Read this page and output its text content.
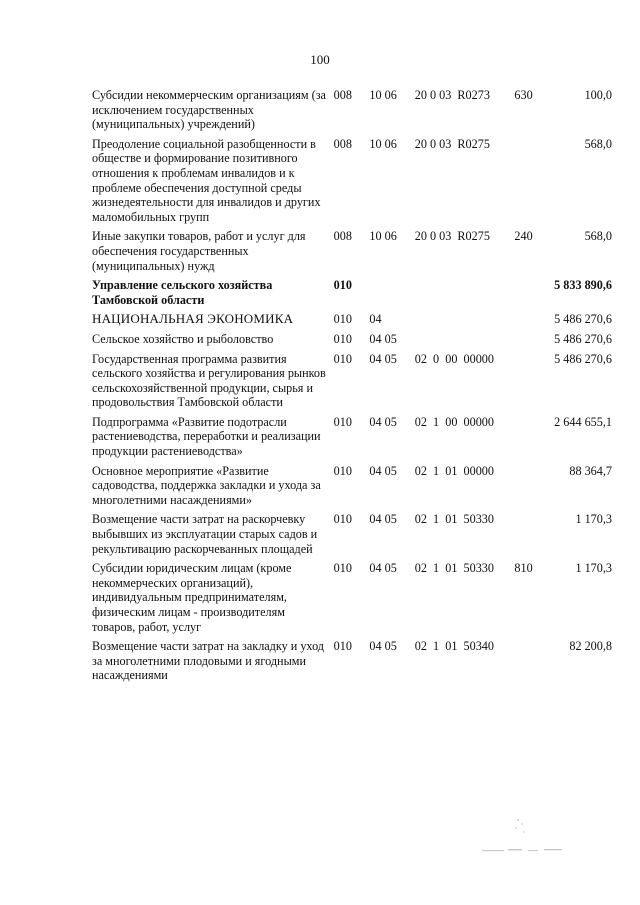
100
Субсидии некоммерческим организациям (за исключением государственных (муниципальных) учреждений)	008	10 06	20 0 03  R0273	630	100,0
Преодоление социальной разобщенности в обществе и формирование позитивного отношения к проблемам инвалидов и к проблеме обеспечения доступной среды жизнедеятельности для инвалидов и других маломобильных групп	008	10 06	20 0 03  R0275		568,0
Иные закупки товаров, работ и услуг для обеспечения государственных (муниципальных) нужд	008	10 06	20 0 03  R0275	240	568,0
Управление сельского хозяйства Тамбовской области	010				5 833 890,6
НАЦИОНАЛЬНАЯ ЭКОНОМИКА	010	04			5 486 270,6
Сельское хозяйство и рыболовство	010	04 05			5 486 270,6
Государственная программа развития сельского хозяйства и регулирования рынков сельскохозяйственной продукции, сырья и продовольствия Тамбовской области	010	04 05	02  0  00  00000		5 486 270,6
Подпрограмма «Развитие подотрасли растениеводства, переработки и реализации продукции растениеводства»	010	04 05	02  1  00  00000		2 644 655,1
Основное мероприятие «Развитие садоводства, поддержка закладки и ухода за многолетними насаждениями»	010	04 05	02  1  01  00000		88 364,7
Возмещение части затрат на раскорчевку выбывших из эксплуатации старых садов и рекультивацию раскорчеванных площадей	010	04 05	02  1  01  50330		1 170,3
Субсидии юридическим лицам (кроме некоммерческих организаций), индивидуальным предпринимателям, физическим лицам - производителям товаров, работ, услуг	010	04 05	02  1  01  50330	810	1 170,3
Возмещение части затрат на закладку и уход за многолетними плодовыми и ягодными насаждениями	010	04 05	02  1  01  50340		82 200,8
